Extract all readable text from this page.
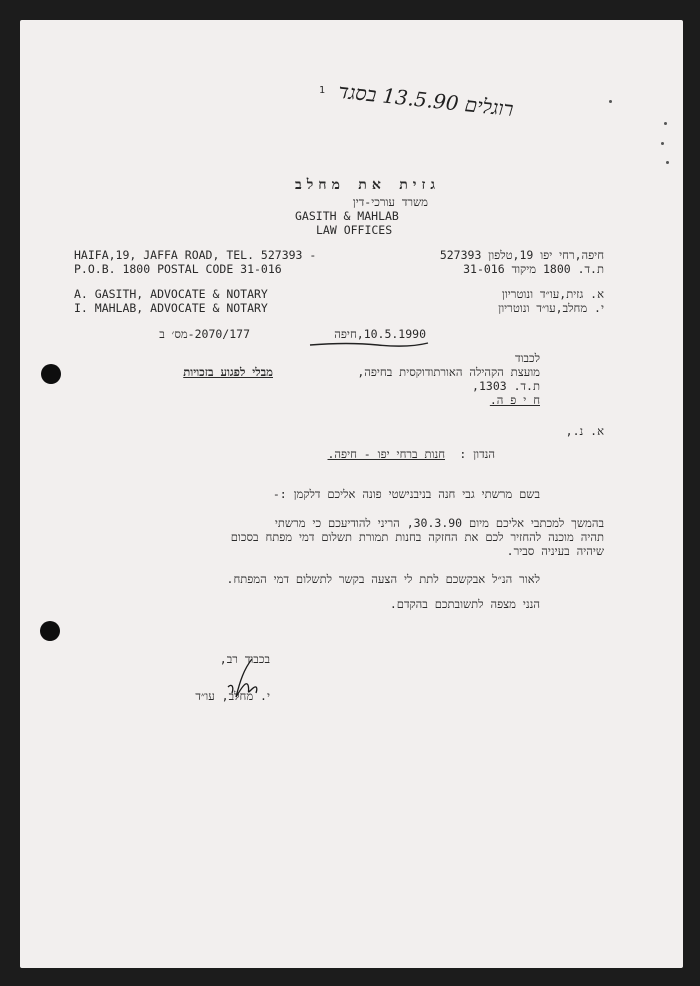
רוגלים 13.5.90 בסגד
1
גזית את מחלב
משרד עורכי-דין
GASITH & MAHLAB
LAW OFFICES
HAIFA,19, JAFFA ROAD, TEL. 527393 -	חיפה,רחי יפו 19,טלפון 527393
P.O.B. 1800 POSTAL CODE 31-016	ת.ד. 1800 מיקוד 31-016
A. GASITH, ADVOCATE & NOTARY	א. גזית,עו״ד ונוטריון
I. MAHLAB, ADVOCATE & NOTARY	י. מחלב,עו״ד ונוטריון
2070/177-מס׳ ב	10.5.1990,חיפה
לכבוד
מועצת הקהילה האורתודוקסית בחיפה,
ת.ד. 1303,
ח י פ ה.
מבלי לפגוע בזכויות
א. נ.,
הנדון :
חנות ברחי יפו - חיפה.
בשם מרשתי גבי חנה בניבנישטי פונה אליכם דלקמן :-
בהמשך למכתבי אליכם מיום 30.3.90, הריני להודיעכם כי מרשתי
תהיה מוכנה להחזיר לכם את החזקה בחנות תמורת תשלום דמי מפתח בסכום
שיהיה בעיניה סביר.
לאור הנ״ל אבקשכם לתת לי הצעה בקשר לתשלום דמי המפתח.
הנני מצפה לתשובתכם בהקדם.
בכבוד רב,
י. מחלב, עו״ד
